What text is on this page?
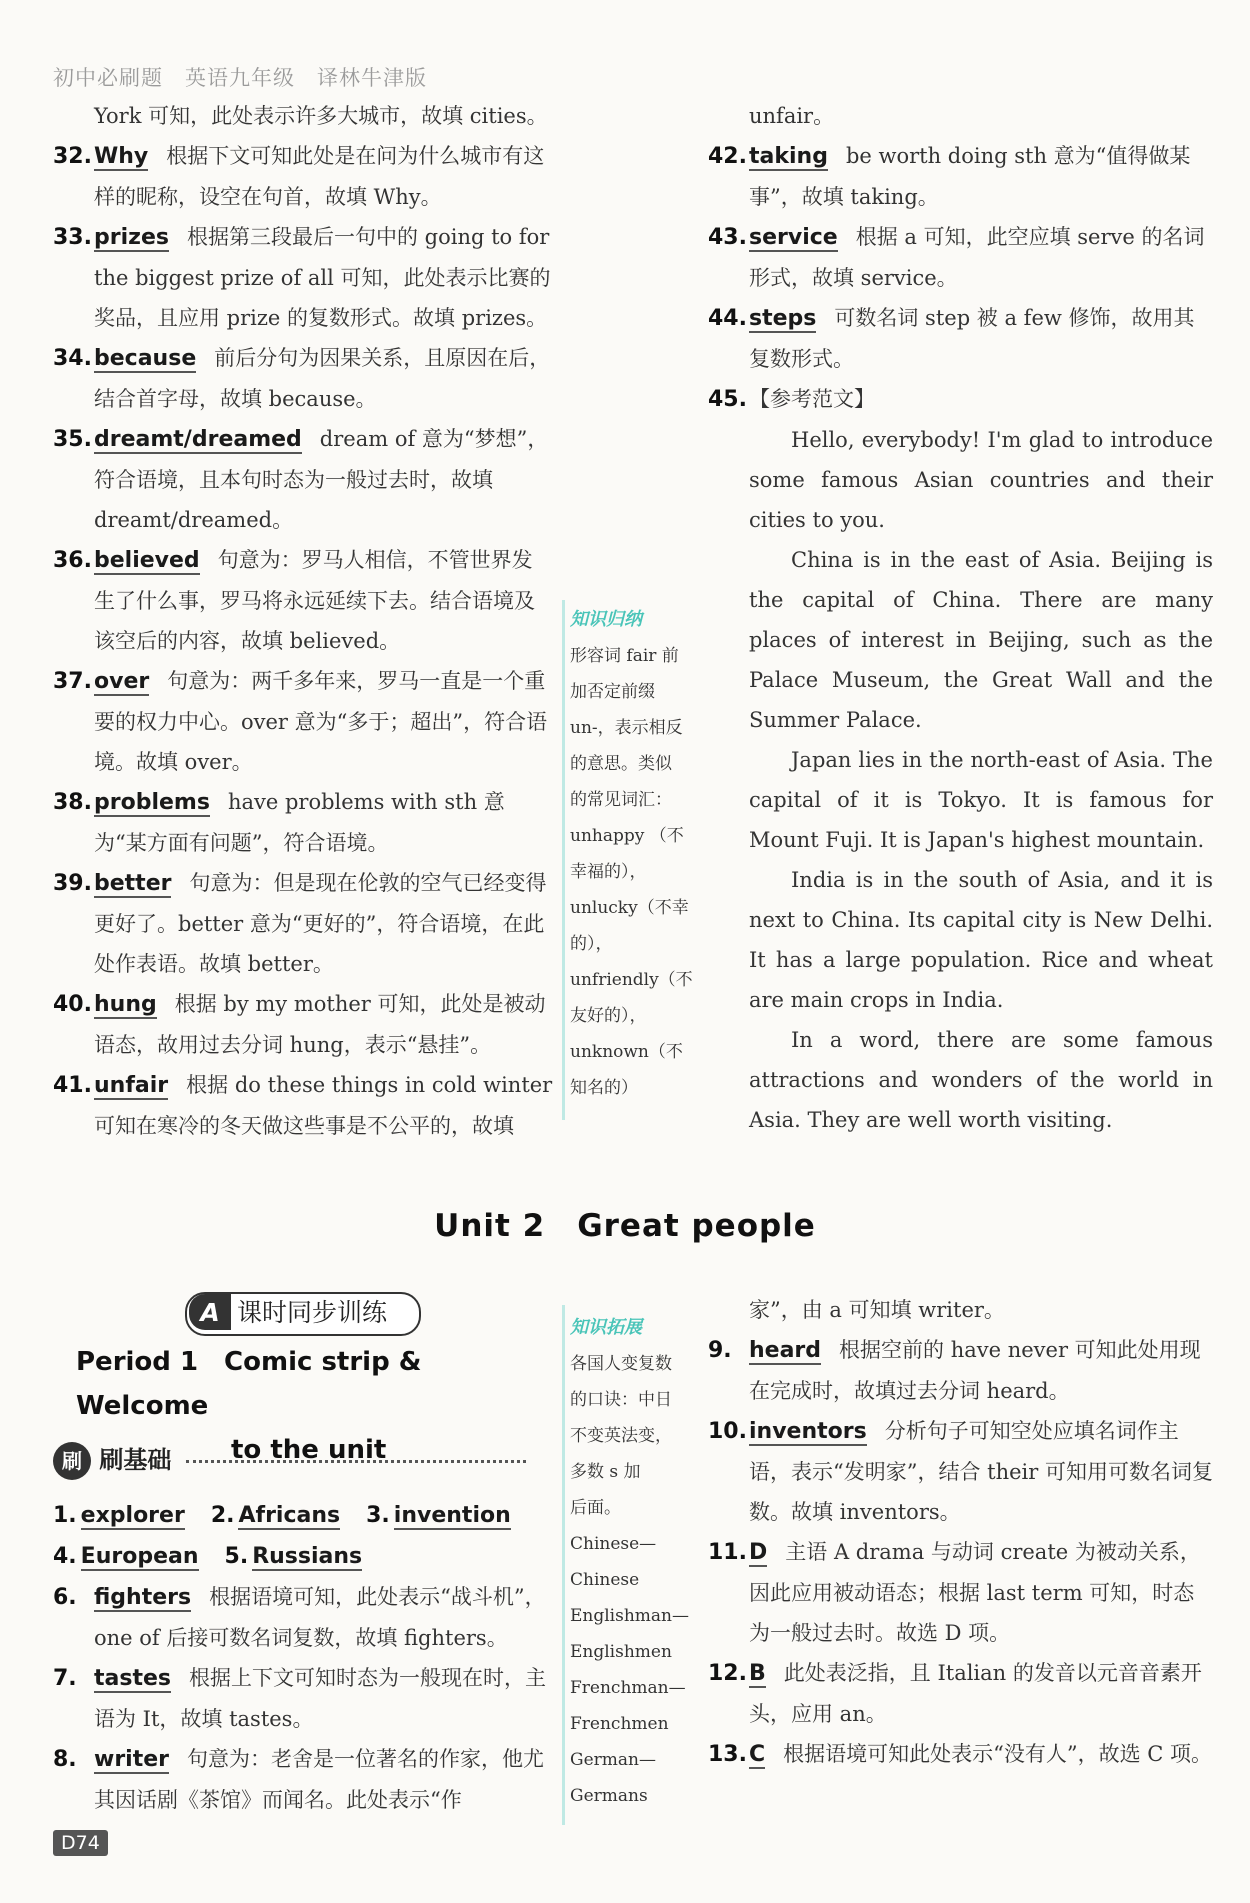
初中必刷题　英语九年级　译林牛津版
York 可知，此处表示许多大城市，故填 cities。
32.Why 根据下文可知此处是在问为什么城市有这样的昵称，设空在句首，故填 Why。
33.prizes 根据第三段最后一句中的 going to for the biggest prize of all 可知，此处表示比赛的奖品，且应用 prize 的复数形式。故填 prizes。
34.because 前后分句为因果关系，且原因在后，结合首字母，故填 because。
35.dreamt/dreamed dream of 意为“梦想”，符合语境，且本句时态为一般过去时，故填 dreamt/dreamed。
36.believed 句意为：罗马人相信，不管世界发生了什么事，罗马将永远延续下去。结合语境及该空后的内容，故填 believed。
37.over 句意为：两千多年来，罗马一直是一个重要的权力中心。over 意为“多于；超出”，符合语境。故填 over。
38.problems have problems with sth 意为“某方面有问题”，符合语境。
39.better 句意为：但是现在伦敦的空气已经变得更好了。better 意为“更好的”，符合语境，在此处作表语。故填 better。
40.hung 根据 by my mother 可知，此处是被动语态，故用过去分词 hung，表示“悬挂”。
41.unfair 根据 do these things in cold winter 可知在寒冷的冬天做这些事是不公平的，故填
知识归纳
形容词 fair 前
加否定前缀
un-，表示相反
的意思。类似
的常见词汇：
unhappy （不
幸福的），
unlucky（不幸
的），
unfriendly（不
友好的），
unknown（不
知名的）
unfair。
42.taking be worth doing sth 意为“值得做某事”，故填 taking。
43.service 根据 a 可知，此空应填 serve 的名词形式，故填 service。
44.steps 可数名词 step 被 a few 修饰，故用其复数形式。
45.【参考范文】

Hello, everybody! I'm glad to introduce some famous Asian countries and their cities to you.

China is in the east of Asia. Beijing is the capital of China. There are many places of interest in Beijing, such as the Palace Museum, the Great Wall and the Summer Palace.

Japan lies in the north-east of Asia. The capital of it is Tokyo. It is famous for Mount Fuji. It is Japan's highest mountain.

India is in the south of Asia, and it is next to China. Its capital city is New Delhi. It has a large population. Rice and wheat are main crops in India.

In a word, there are some famous attractions and wonders of the world in Asia. They are well worth visiting.

Unit 2　Great people
A 课时同步训练
Period 1　Comic strip & Welcome
to the unit
刷 刷基础
1. explorer 2. Africans 3. invention
4. European 5. Russians
6. fighters 根据语境可知，此处表示“战斗机”，one of 后接可数名词复数，故填 fighters。
7. tastes 根据上下文可知时态为一般现在时，主语为 It，故填 tastes。
8. writer 句意为：老舍是一位著名的作家，他尤其因话剧《茶馆》而闻名。此处表示“作
知识拓展
各国人变复数
的口诀：中日
不变英法变，
多数 s 加
后面。
Chinese—
Chinese
Englishman—
Englishmen
Frenchman—
Frenchmen
German—
Germans
家”，由 a 可知填 writer。
9. heard 根据空前的 have never 可知此处用现在完成时，故填过去分词 heard。
10.inventors 分析句子可知空处应填名词作主语，表示“发明家”，结合 their 可知用可数名词复数。故填 inventors。
11.D 主语 A drama 与动词 create 为被动关系，因此应用被动语态；根据 last term 可知，时态为一般过去时。故选 D 项。
12.B 此处表泛指，且 Italian 的发音以元音音素开头，应用 an。
13.C 根据语境可知此处表示“没有人”，故选 C 项。
D74
